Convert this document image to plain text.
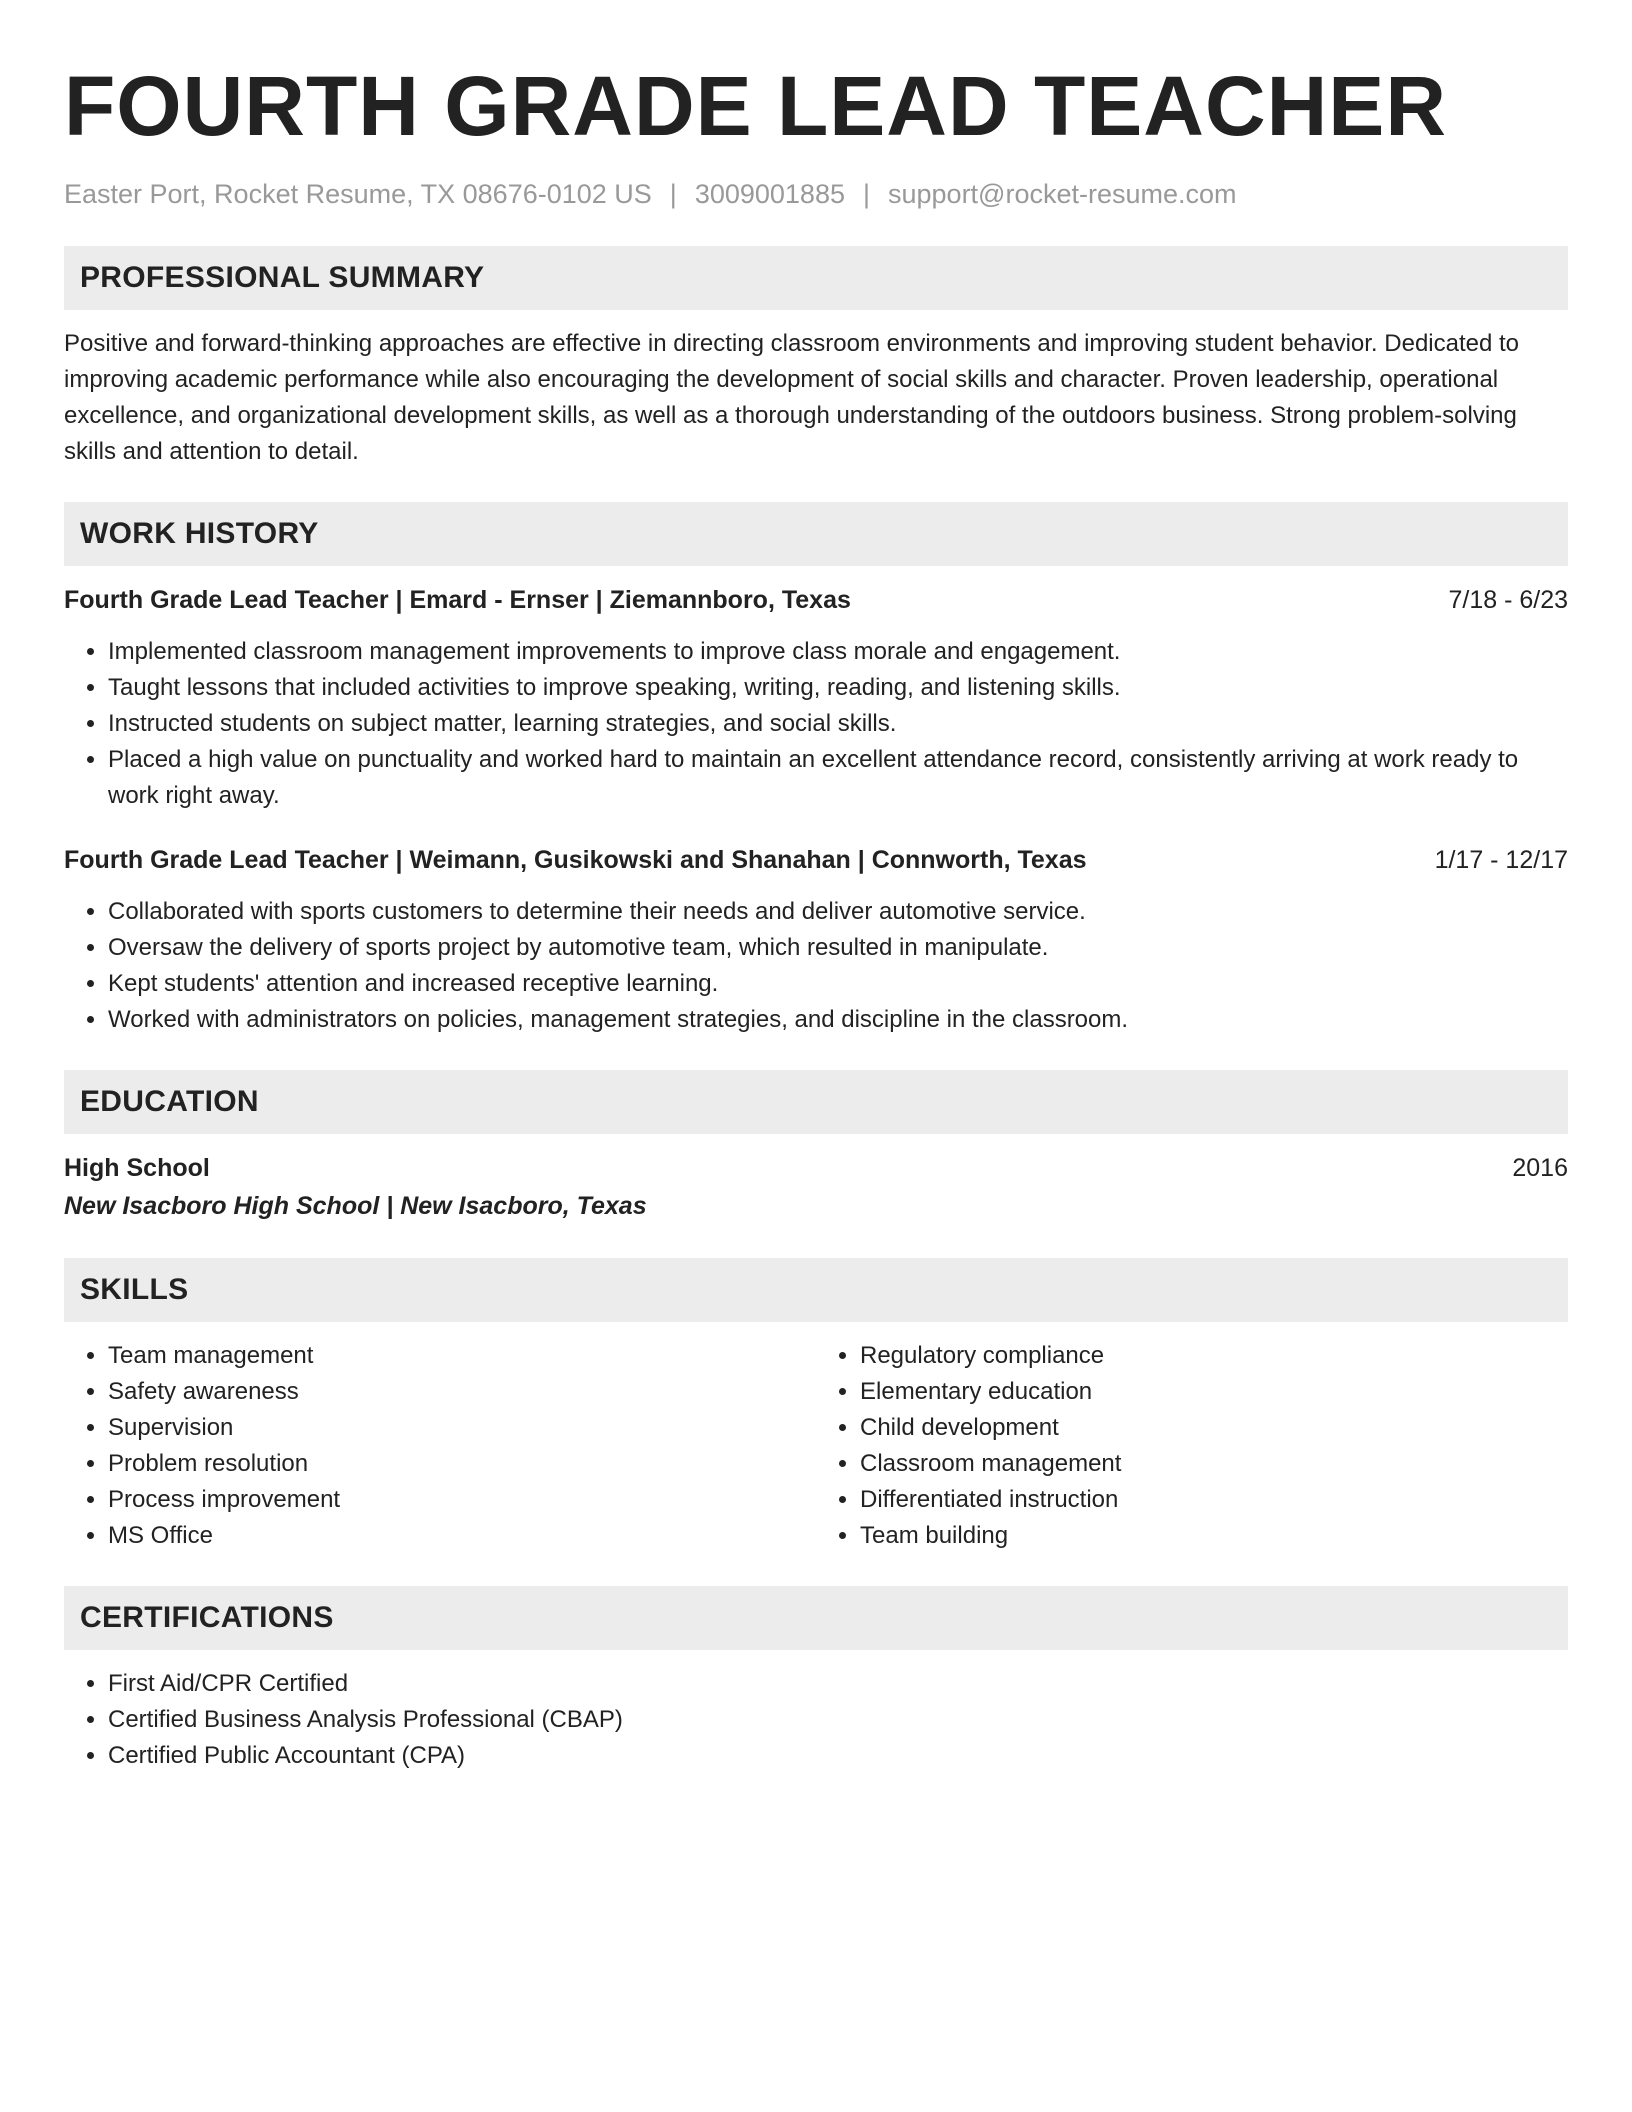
FOURTH GRADE LEAD TEACHER
Easter Port, Rocket Resume, TX 08676-0102 US | 3009001885 | support@rocket-resume.com
PROFESSIONAL SUMMARY

Positive and forward-thinking approaches are effective in directing classroom environments and improving student behavior. Dedicated to improving academic performance while also encouraging the development of social skills and character. Proven leadership, operational excellence, and organizational development skills, as well as a thorough understanding of the outdoors business. Strong problem-solving skills and attention to detail.

WORK HISTORY
Fourth Grade Lead Teacher | Emard - Ernser | Ziemannboro, Texas	7/18 - 6/23
• Implemented classroom management improvements to improve class morale and engagement.
• Taught lessons that included activities to improve speaking, writing, reading, and listening skills.
• Instructed students on subject matter, learning strategies, and social skills.
• Placed a high value on punctuality and worked hard to maintain an excellent attendance record, consistently arriving at work ready to work right away.
Fourth Grade Lead Teacher | Weimann, Gusikowski and Shanahan | Connworth, Texas	1/17 - 12/17
• Collaborated with sports customers to determine their needs and deliver automotive service.
• Oversaw the delivery of sports project by automotive team, which resulted in manipulate.
• Kept students' attention and increased receptive learning.
• Worked with administrators on policies, management strategies, and discipline in the classroom.
EDUCATION
High School	2016
New Isacboro High School | New Isacboro, Texas
SKILLS
• Team management
• Safety awareness
• Supervision
• Problem resolution
• Process improvement
• MS Office
• Regulatory compliance
• Elementary education
• Child development
• Classroom management
• Differentiated instruction
• Team building
CERTIFICATIONS
• First Aid/CPR Certified
• Certified Business Analysis Professional (CBAP)
• Certified Public Accountant (CPA)
